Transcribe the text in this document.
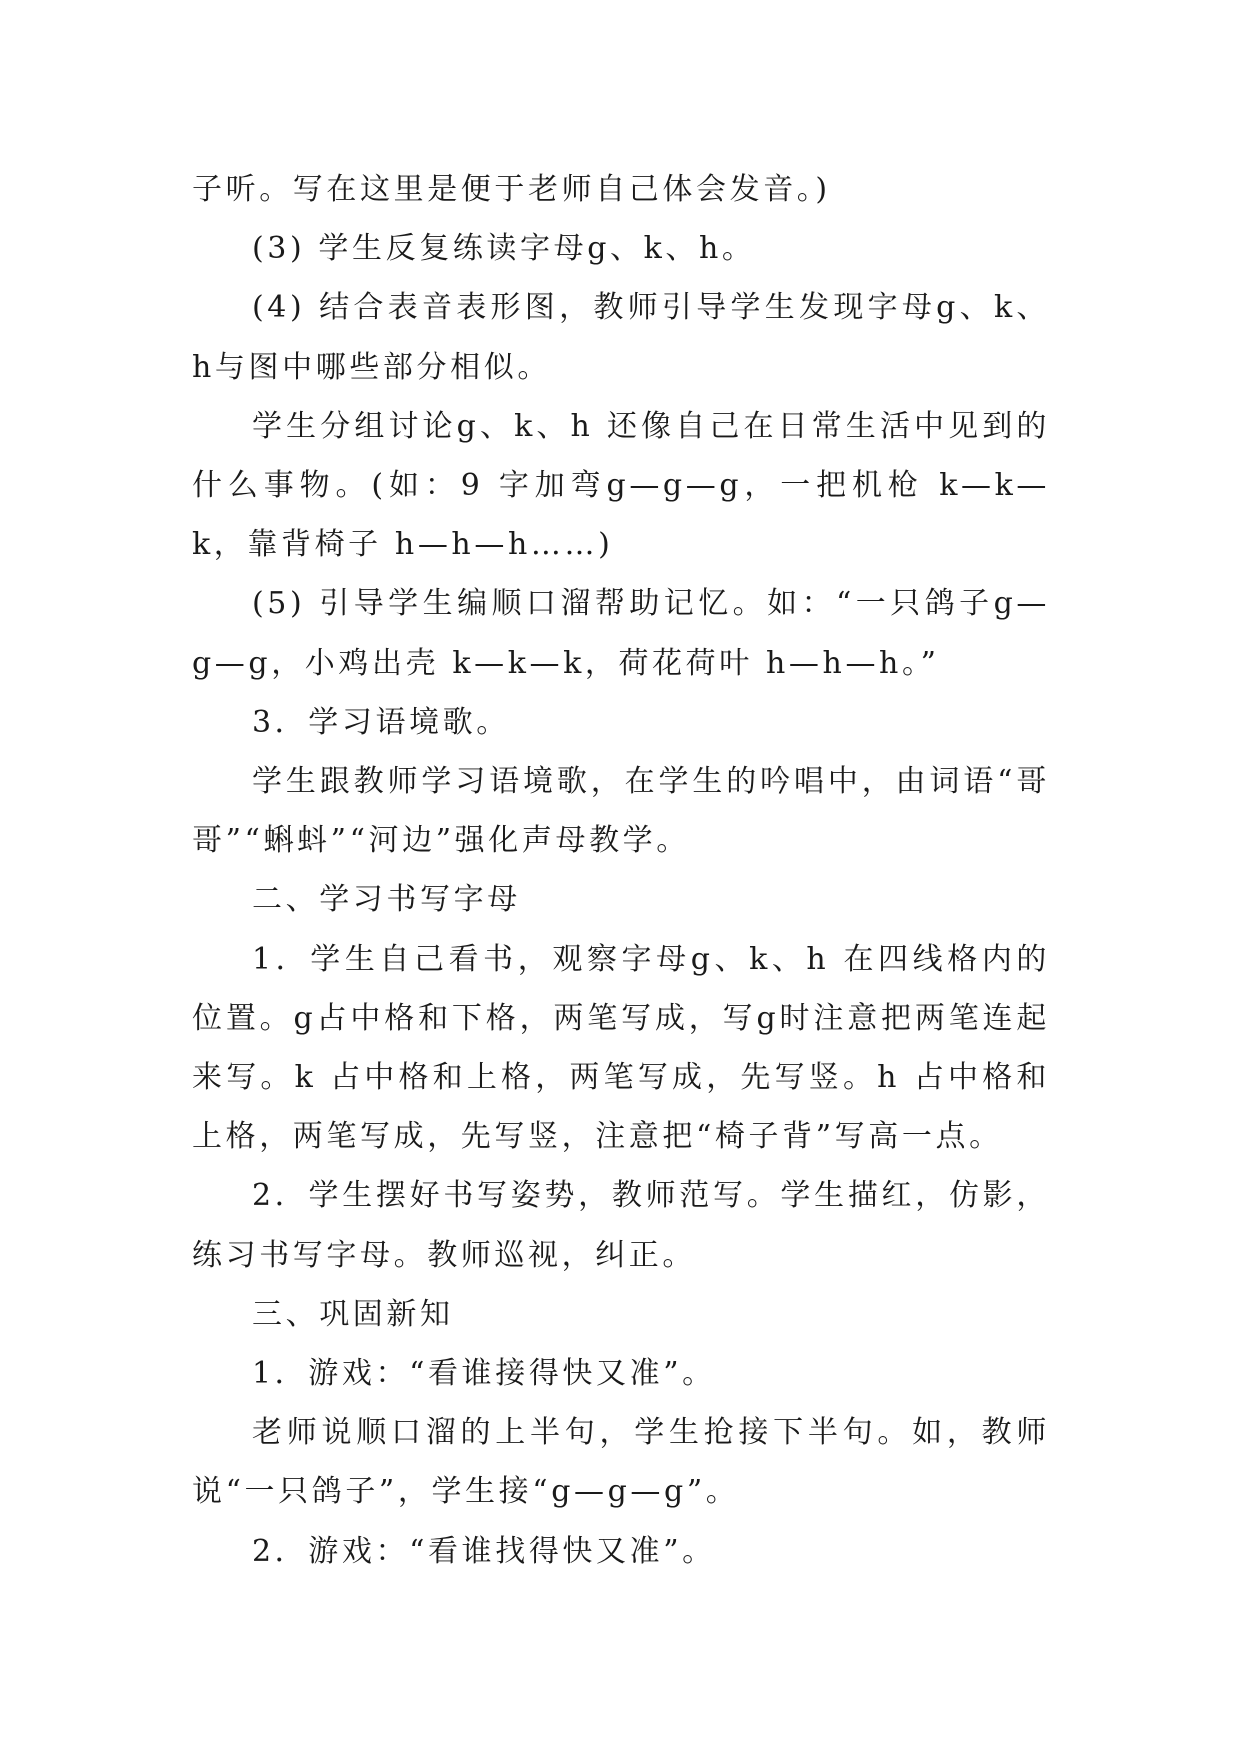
子听。写在这里是便于老师自己体会发音。)

(3) 学生反复练读字母g、k、h。

(4) 结合表音表形图，教师引导学生发现字母g、k、h与图中哪些部分相似。

学生分组讨论g、k、h 还像自己在日常生活中见到的什么事物。(如：9 字加弯g—g—g，一把机枪 k—k—k，靠背椅子 h—h—h……)

(5) 引导学生编顺口溜帮助记忆。如：“一只鸽子g—g—g，小鸡出壳 k—k—k，荷花荷叶 h—h—h。”

3．学习语境歌。

学生跟教师学习语境歌，在学生的吟唱中，由词语“哥哥”“蝌蚪”“河边”强化声母教学。

二、学习书写字母

1．学生自己看书，观察字母g、k、h 在四线格内的位置。g占中格和下格，两笔写成，写g时注意把两笔连起来写。k 占中格和上格，两笔写成，先写竖。h 占中格和上格，两笔写成，先写竖，注意把“椅子背”写高一点。

2．学生摆好书写姿势，教师范写。学生描红，仿影，练习书写字母。教师巡视，纠正。

三、巩固新知

1．游戏：“看谁接得快又准”。

老师说顺口溜的上半句，学生抢接下半句。如，教师说“一只鸽子”，学生接“g—g—g”。

2．游戏：“看谁找得快又准”。
